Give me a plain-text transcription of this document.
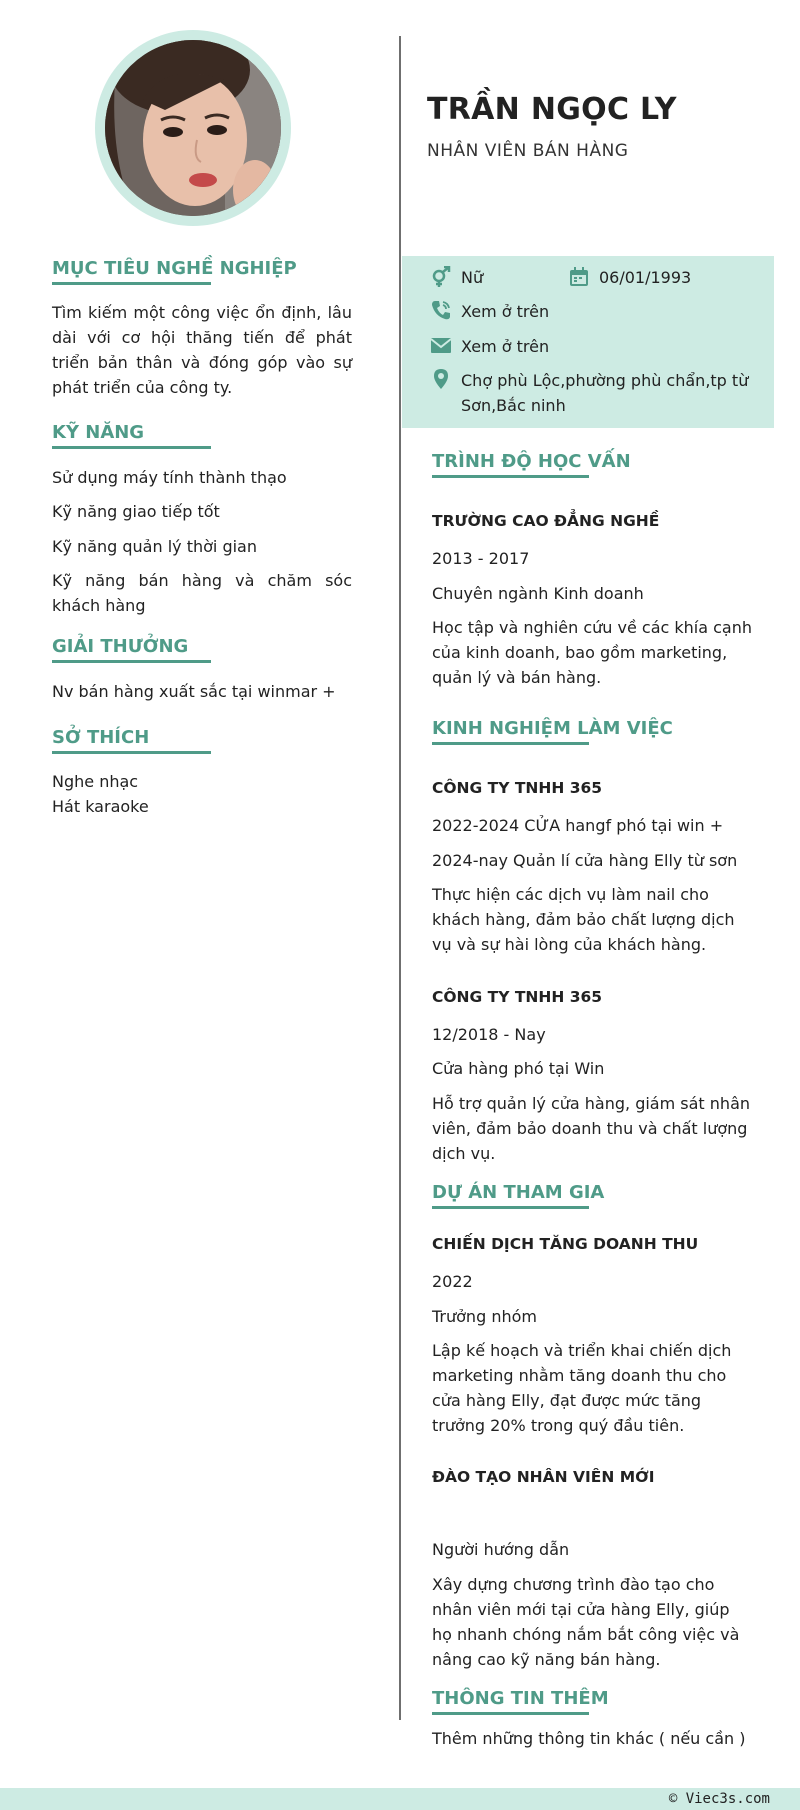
MỤC TIÊU NGHỀ NGHIỆP
Tìm kiếm một công việc ổn định, lâu dài với cơ hội thăng tiến để phát triển bản thân và đóng góp vào sự phát triển của công ty.
KỸ NĂNG
Sử dụng máy tính thành thạo
Kỹ năng giao tiếp tốt
Kỹ năng quản lý thời gian
Kỹ năng bán hàng và chăm sóc khách hàng
GIẢI THƯỞNG
Nv bán hàng xuất sắc tại winmar +
SỞ THÍCH
Nghe nhạc
Hát karaoke
TRẦN NGỌC LY
NHÂN VIÊN BÁN HÀNG
Nữ	06/01/1993
Xem ở trên
Xem ở trên
Chợ phù Lộc,phường phù chẩn,tp từ Sơn,Bắc ninh
TRÌNH ĐỘ HỌC VẤN
TRƯỜNG CAO ĐẲNG NGHỀ
2013 - 2017
Chuyên ngành Kinh doanh
Học tập và nghiên cứu về các khía cạnh của kinh doanh, bao gồm marketing, quản lý và bán hàng.
KINH NGHIỆM LÀM VIỆC
CÔNG TY TNHH 365
2022-2024 CỬA hangf phó tại win +
2024-nay Quản lí cửa hàng Elly từ sơn
Thực hiện các dịch vụ làm nail cho khách hàng, đảm bảo chất lượng dịch vụ và sự hài lòng của khách hàng.
CÔNG TY TNHH 365
12/2018 - Nay
Cửa hàng phó tại Win
Hỗ trợ quản lý cửa hàng, giám sát nhân viên, đảm bảo doanh thu và chất lượng dịch vụ.
DỰ ÁN THAM GIA
CHIẾN DỊCH TĂNG DOANH THU
2022
Trưởng nhóm
Lập kế hoạch và triển khai chiến dịch marketing nhằm tăng doanh thu cho cửa hàng Elly, đạt được mức tăng trưởng 20% trong quý đầu tiên.
ĐÀO TẠO NHÂN VIÊN MỚI
Người hướng dẫn
Xây dựng chương trình đào tạo cho nhân viên mới tại cửa hàng Elly, giúp họ nhanh chóng nắm bắt công việc và nâng cao kỹ năng bán hàng.
THÔNG TIN THÊM
Thêm những thông tin khác ( nếu cần )
© Viec3s.com
